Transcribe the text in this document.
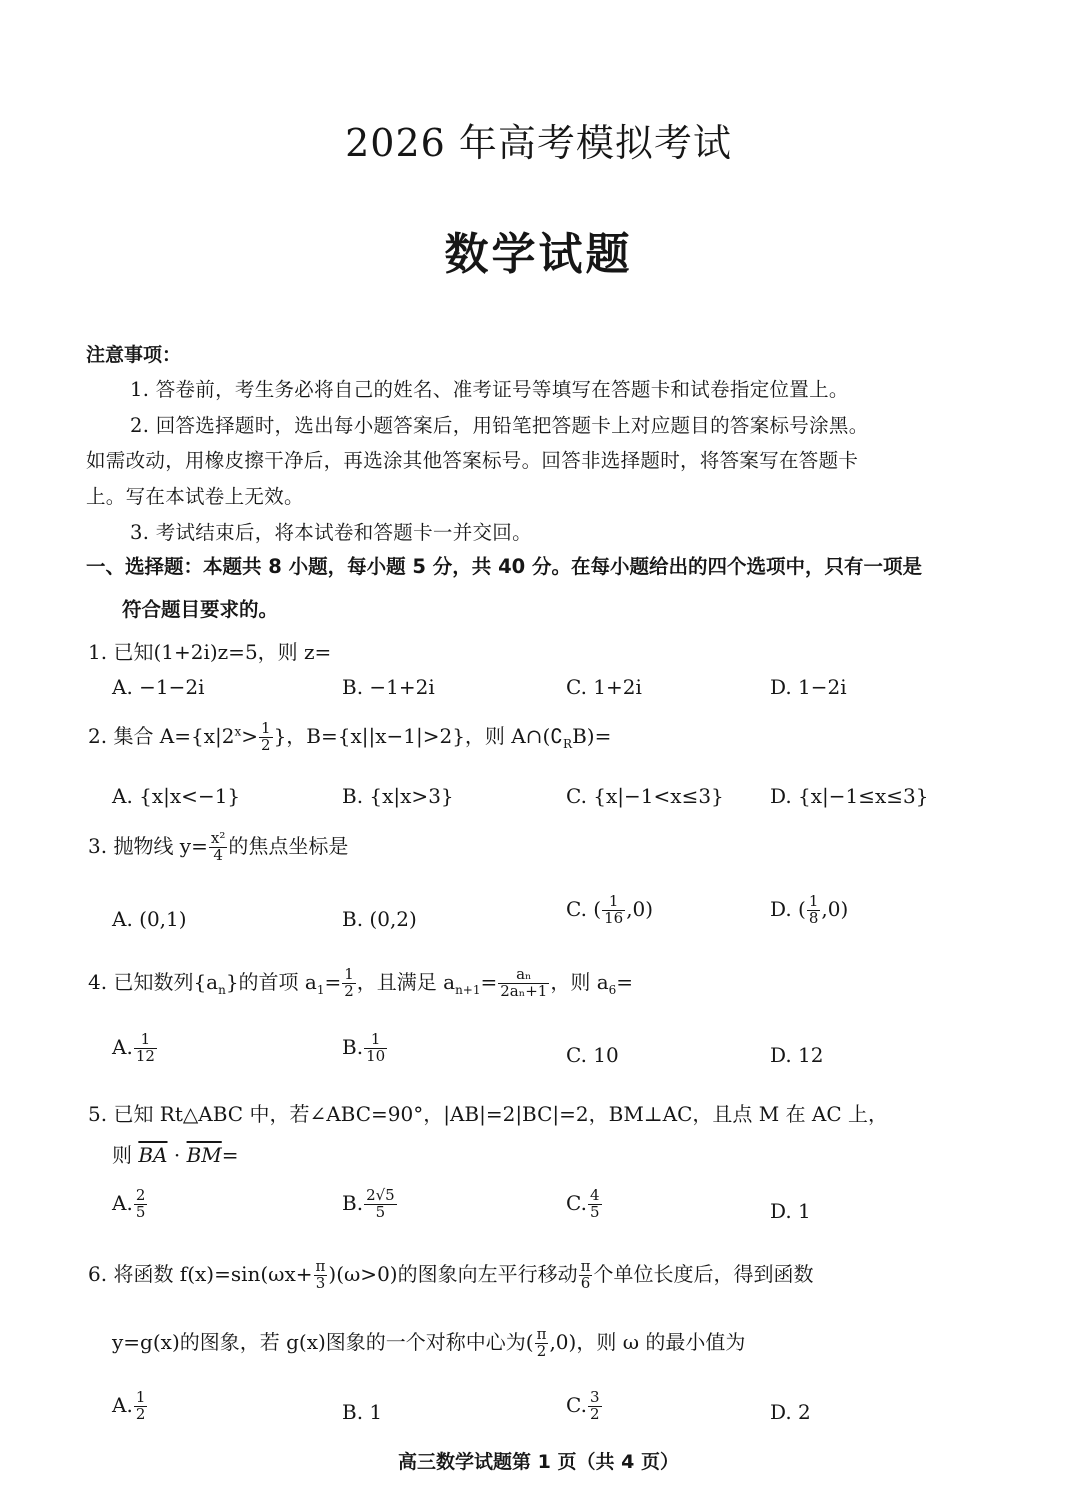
2026 年高考模拟考试
数学试题
注意事项：
1. 答卷前，考生务必将自己的姓名、准考证号等填写在答题卡和试卷指定位置上。
2. 回答选择题时，选出每小题答案后，用铅笔把答题卡上对应题目的答案标号涂黑。
如需改动，用橡皮擦干净后，再选涂其他答案标号。回答非选择题时，将答案写在答题卡
上。写在本试卷上无效。
3. 考试结束后，将本试卷和答题卡一并交回。
一、选择题：本题共 8 小题，每小题 5 分，共 40 分。在每小题给出的四个选项中，只有一项是
符合题目要求的。
1. 已知(1+2i)z=5，则 z=
A. −1−2i	B. −1+2i	C. 1+2i	D. 1−2i
2. 集合 $A=\{x|2^x> \frac{1}{2}$ }，B={x||x−1|>2}，则 $A\cap(∁_RB)=$
A. {x|x<−1}	B. {x|x>3}	C. {x|−1<x≤3} D. {x|−1≤x≤3}
3. 抛物线 $y= \frac{\text{x²}}{4}$ 的焦点坐标是
A. (0,1)	B. (0,2)	C. ( $\frac{1}{16} ,0$)	D. ( $\frac{1}{8} ,0$)
4. 已知数列$\{a_n\}$的首项 $a_1= \frac{1}{2}$ ，且满足 $a_{n+1}= \frac{\text{aₙ}}{\text{2aₙ+1}}$ ，则 $a_6=$
A. $\frac{1}{12}$	B. $\frac{1}{10}$	C. 10	D. 12
5. 已知 Rt△ABC 中，若∠ABC=90°，|AB|=2|BC|=2，BM⊥AC，且点 M 在 AC 上，
则 $\overline{BA} \cdot \overline{BM}=$
A. $\frac{2}{5}$	B. $\frac{2√5}{5}$	C. $\frac{4}{5}$	D. 1
6. 将函数 $f(x)=\sin(\omega x+ \frac{\pi}{3} )(\omega>0)$的图象向左平行移动 $\frac{\pi}{6}$ 个单位长度后，得到函数
y=g(x)的图象，若 g(x)图象的一个对称中心为( $\frac{\pi}{2} ,0$)，则 ω 的最小值为
A. $\frac{1}{2}$	B. 1	C. $\frac{3}{2}$	D. 2
高三数学试题第 1 页（共 4 页）
